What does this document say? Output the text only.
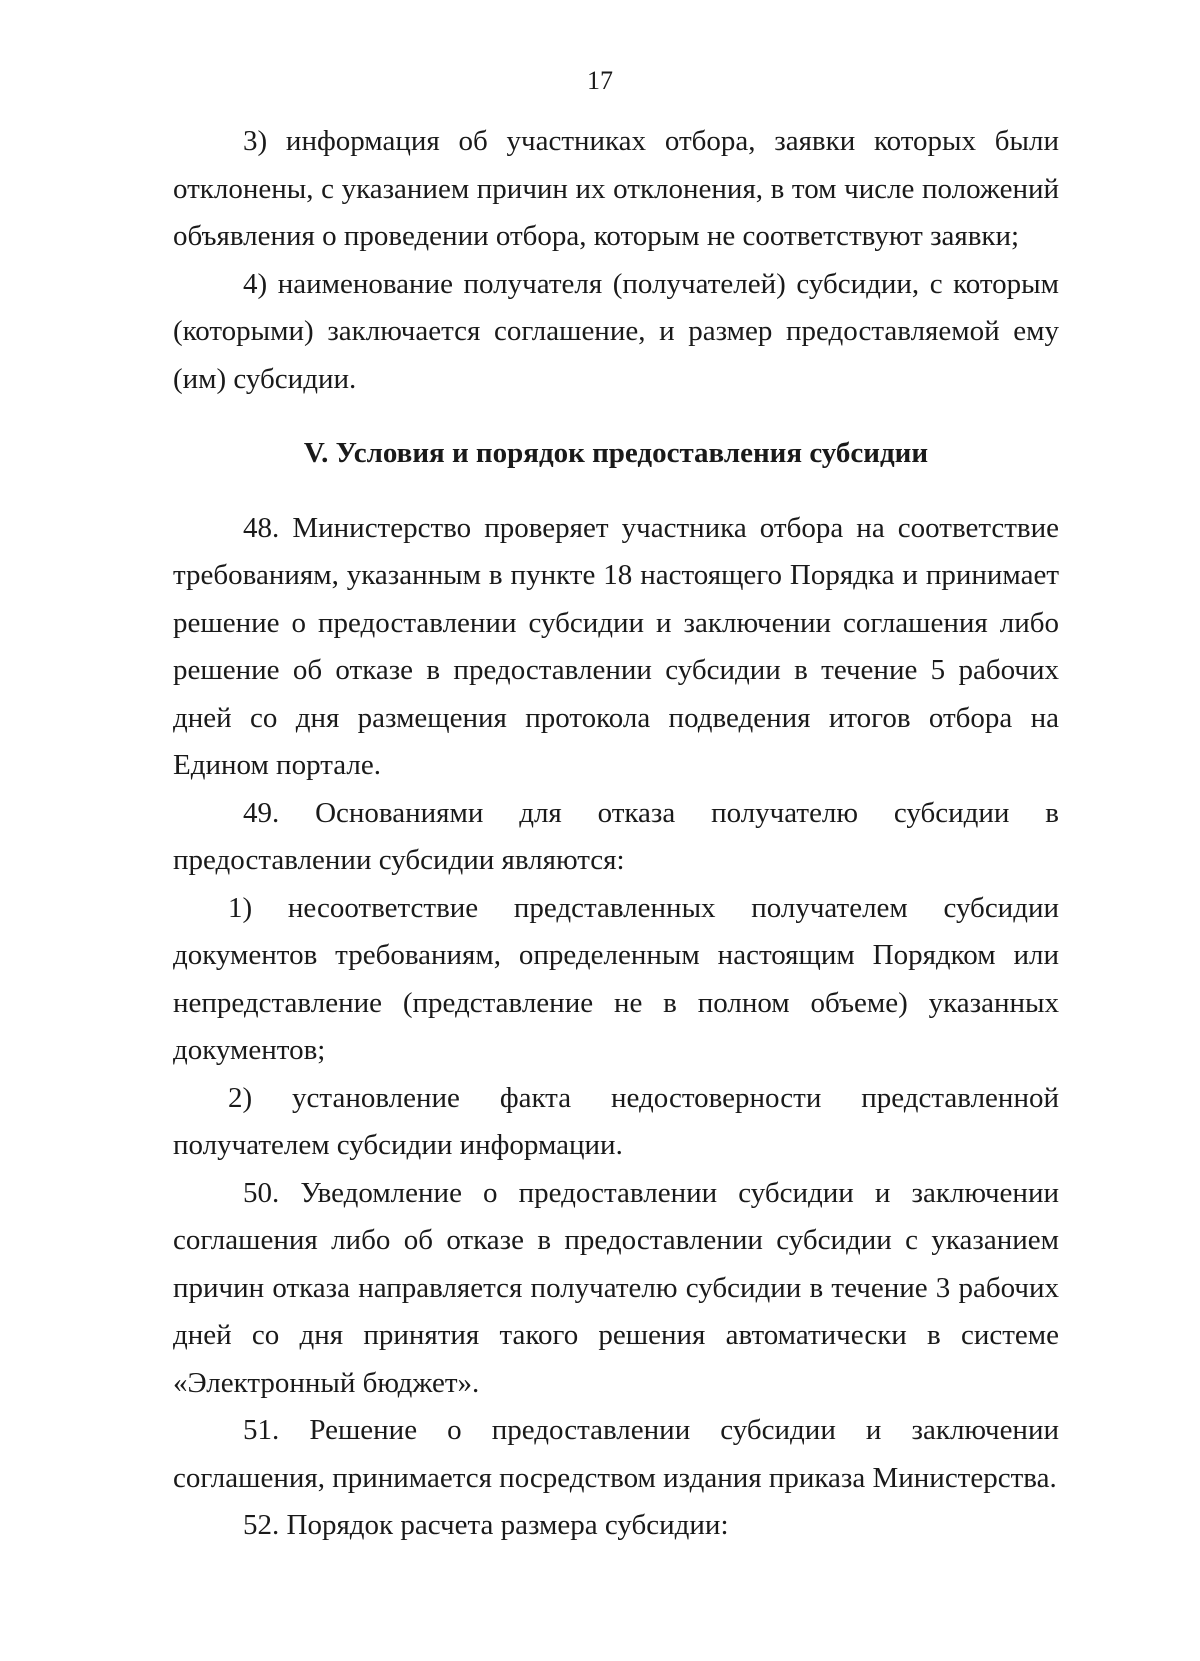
17

3) информация об участниках отбора, заявки которых были отклонены, с указанием причин их отклонения, в том числе положений объявления о проведении отбора, которым не соответствуют заявки;

4) наименование получателя (получателей) субсидии, с которым (которыми) заключается соглашение, и размер предоставляемой ему (им) субсидии.

V. Условия и порядок предоставления субсидии

48. Министерство проверяет участника отбора на соответствие требованиям, указанным в пункте 18 настоящего Порядка и принимает решение о предоставлении субсидии и заключении соглашения либо решение об отказе в предоставлении субсидии в течение 5 рабочих дней со дня размещения протокола подведения итогов отбора на Едином портале.

49. Основаниями для отказа получателю субсидии в предоставлении субсидии являются:

1) несоответствие представленных получателем субсидии документов требованиям, определенным настоящим Порядком или непредставление (представление не в полном объеме) указанных документов;

2) установление факта недостоверности представленной получателем субсидии информации.

50. Уведомление о предоставлении субсидии и заключении соглашения либо об отказе в предоставлении субсидии с указанием причин отказа направляется получателю субсидии в течение 3 рабочих дней со дня принятия такого решения автоматически в системе «Электронный бюджет».

51. Решение о предоставлении субсидии и заключении соглашения, принимается посредством издания приказа Министерства.

52. Порядок расчета размера субсидии:
